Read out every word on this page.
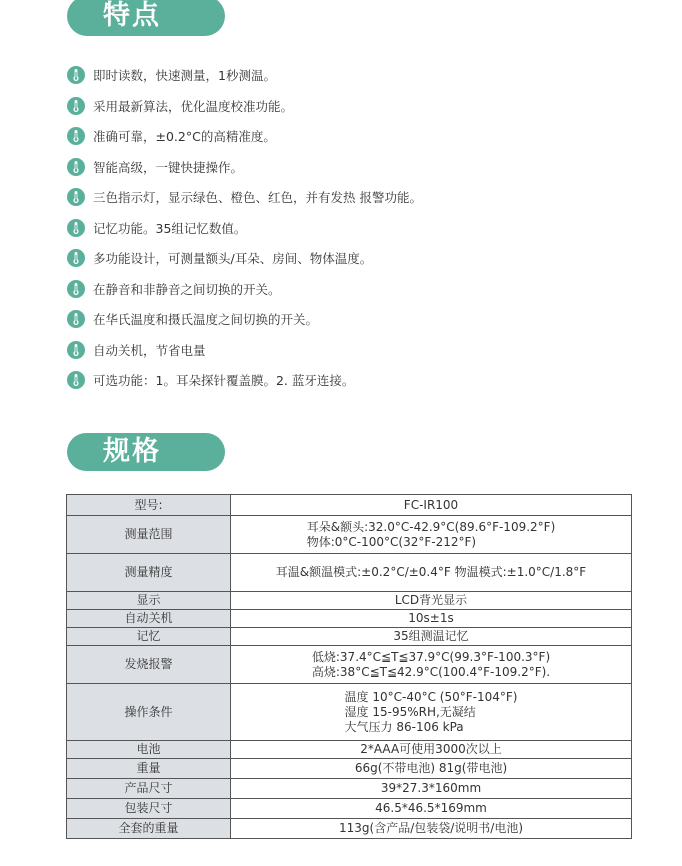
特点
即时读数，快速测量，1秒测温。
采用最新算法，优化温度校准功能。
准确可靠，±0.2°C的高精准度。
智能高级，一键快捷操作。
三色指示灯，显示绿色、橙色、红色，并有发热 报警功能。
记忆功能。35组记忆数值。
多功能设计，可测量额头/耳朵、房间、物体温度。
在静音和非静音之间切换的开关。
在华氏温度和摄氏温度之间切换的开关。
自动关机，节省电量
可选功能：1。耳朵探针覆盖膜。2. 蓝牙连接。
规格
型号:	FC-IR100

测量范围	耳朵&额头:32.0°C-42.9°C(89.6°F-109.2°F)
物体:0°C-100°C(32°F-212°F)

测量精度	耳温&额温模式:±0.2°C/±0.4°F 物温模式:±1.0°C/1.8°F

显示	LCD背光显示

自动关机	10s±1s

记忆	35组测温记忆

发烧报警	低烧:37.4°C≦T≦37.9°C(99.3°F-100.3°F)
高烧:38°C≦T≦42.9°C(100.4°F-109.2°F).

操作条件	温度 10°C-40°C (50°F-104°F)
湿度 15-95%RH,无凝结
大气压力 86-106 kPa

电池	2*AAA可使用3000次以上

重量	66g(不带电池) 81g(带电池)

产品尺寸	39*27.3*160mm

包装尺寸	46.5*46.5*169mm

全套的重量	113g(含产品/包装袋/说明书/电池)
